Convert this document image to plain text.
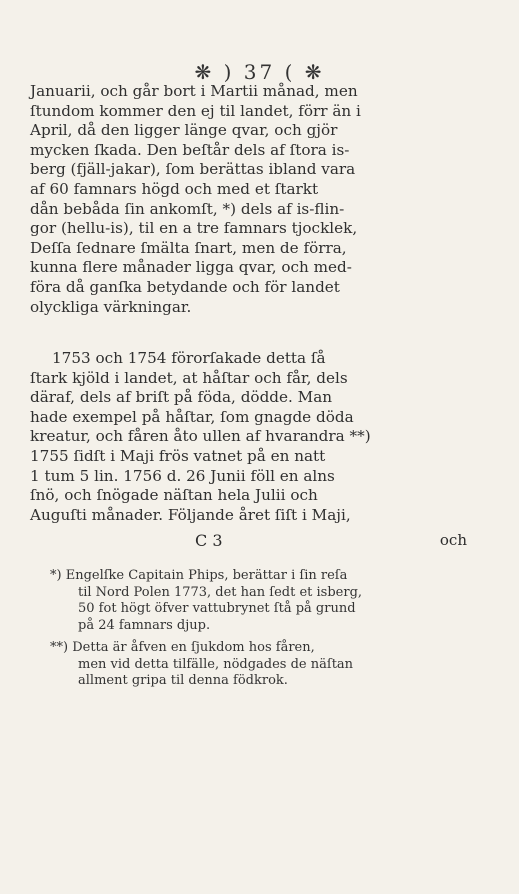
❋ ) 37 ( ❋
Januarii, och går bort i Martii månad, men
ſtundom kommer den ej til landet, förr än i
April, då den ligger länge qvar, och gjör
mycken ſkada. Den beſtår dels af ſtora is-
berg (fjäll-jakar), ſom berättas ibland vara
af 60 famnars högd och med et ſtarkt
dån bebåda ſin ankomſt, *) dels af is-flin-
gor (hellu-is), til en a tre famnars tjocklek,
Deſſa ſednare ſmälta ſnart, men de förra,
kunna flere månader ligga qvar, och med-
föra då ganſka betydande och för landet
olyckliga värkningar.
1753 och 1754 förorſakade detta ſå
ſtark kjöld i landet, at håſtar och får, dels
däraf, dels af briſt på föda, dödde. Man
hade exempel på håſtar, ſom gnagde döda
kreatur, och fåren åto ullen af hvarandra **)
1755 ſidſt i Maji frös vatnet på en natt
1 tum 5 lin. 1756 d. 26 Junii föll en alns
ſnö, och ſnögade näſtan hela Julii och
Auguſti månader. Följande året ſiſt i Maji,
C 3	och
*) Engelſke Capitain Phips, berättar i ſin reſa
til Nord Polen 1773, det han ſedt et isberg,
50 fot högt öfver vattubrynet ſtå på grund
på 24 famnars djup.
**) Detta är åfven en ſjukdom hos fåren,
men vid detta tilfälle, nödgades de näſtan
allment gripa til denna födkrok.
